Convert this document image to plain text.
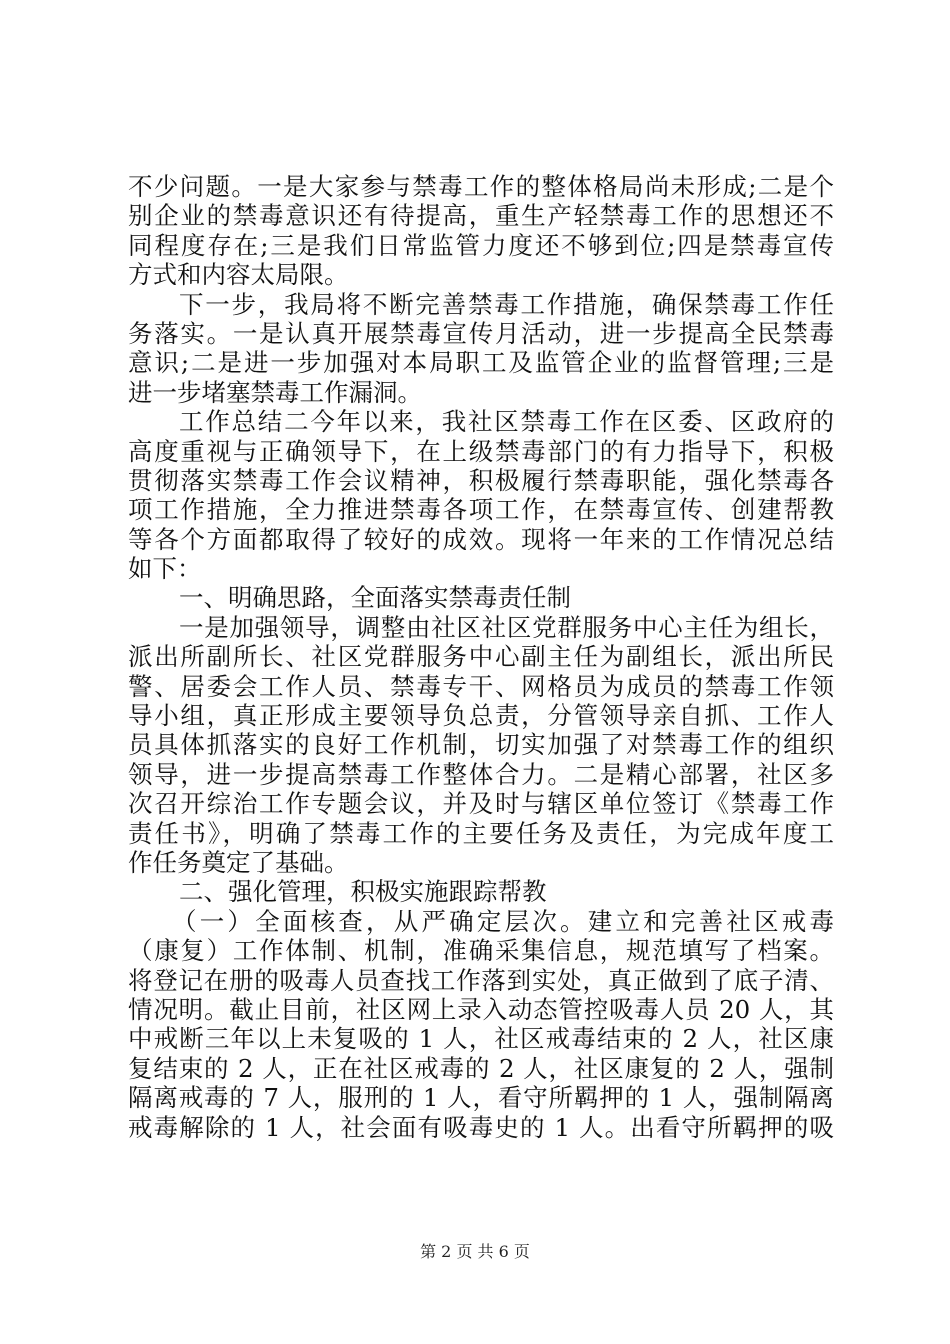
不少问题。一是大家参与禁毒工作的整体格局尚未形成;二是个
别企业的禁毒意识还有待提高，重生产轻禁毒工作的思想还不
同程度存在;三是我们日常监管力度还不够到位;四是禁毒宣传
方式和内容太局限。
下一步，我局将不断完善禁毒工作措施，确保禁毒工作任
务落实。一是认真开展禁毒宣传月活动，进一步提高全民禁毒
意识;二是进一步加强对本局职工及监管企业的监督管理;三是
进一步堵塞禁毒工作漏洞。
工作总结二今年以来，我社区禁毒工作在区委、区政府的
高度重视与正确领导下，在上级禁毒部门的有力指导下，积极
贯彻落实禁毒工作会议精神，积极履行禁毒职能，强化禁毒各
项工作措施，全力推进禁毒各项工作，在禁毒宣传、创建帮教
等各个方面都取得了较好的成效。现将一年来的工作情况总结
如下：
一、明确思路，全面落实禁毒责任制
一是加强领导，调整由社区社区党群服务中心主任为组长，
派出所副所长、社区党群服务中心副主任为副组长，派出所民
警、居委会工作人员、禁毒专干、网格员为成员的禁毒工作领
导小组，真正形成主要领导负总责，分管领导亲自抓、工作人
员具体抓落实的良好工作机制，切实加强了对禁毒工作的组织
领导，进一步提高禁毒工作整体合力。二是精心部署，社区多
次召开综治工作专题会议，并及时与辖区单位签订《禁毒工作
责任书》，明确了禁毒工作的主要任务及责任，为完成年度工
作任务奠定了基础。
二、强化管理，积极实施跟踪帮教
（一）全面核查，从严确定层次。建立和完善社区戒毒
（康复）工作体制、机制，准确采集信息，规范填写了档案。
将登记在册的吸毒人员查找工作落到实处，真正做到了底子清、
情况明。截止目前，社区网上录入动态管控吸毒人员 20 人，其
中戒断三年以上未复吸的 1 人，社区戒毒结束的 2 人，社区康
复结束的 2 人，正在社区戒毒的 2 人，社区康复的 2 人，强制
隔离戒毒的 7 人，服刑的 1 人，看守所羁押的 1 人，强制隔离
戒毒解除的 1 人，社会面有吸毒史的 1 人。出看守所羁押的吸
第 2 页 共 6 页
